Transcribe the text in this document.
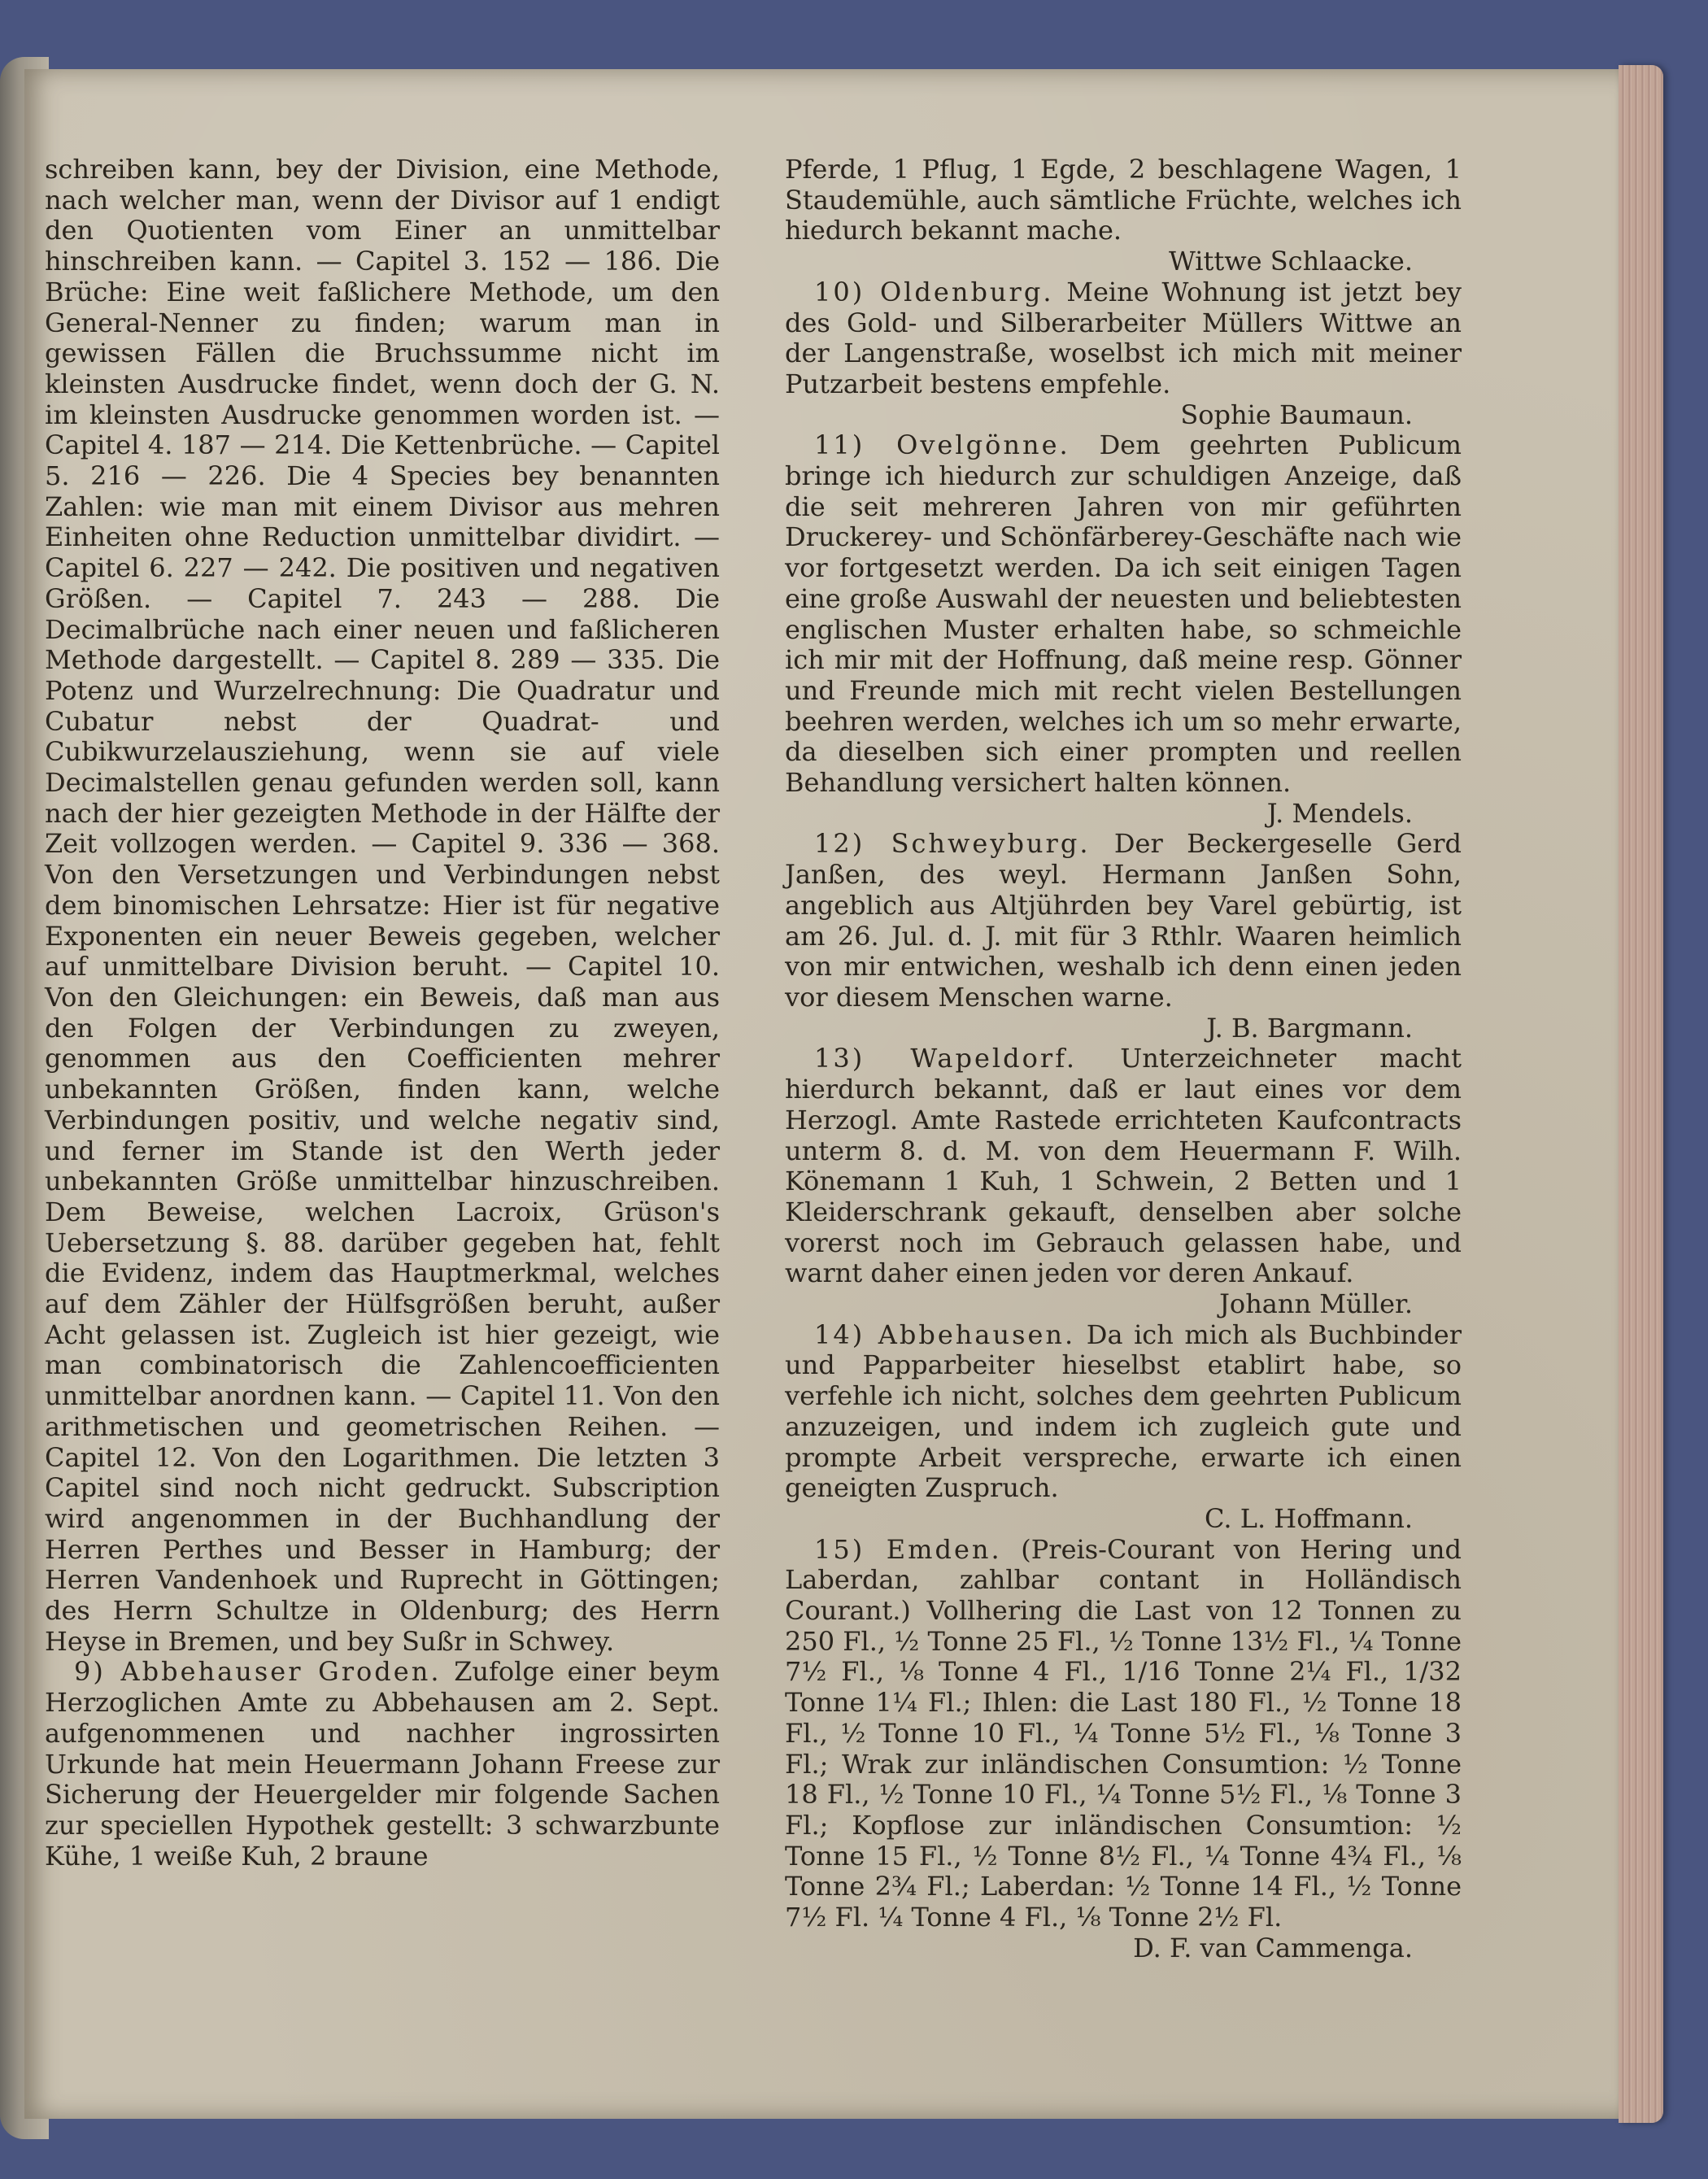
schreiben kann, bey der Division, eine Methode, nach welcher man, wenn der Divisor auf 1 endigt den Quotienten vom Einer an unmittelbar hinschreiben kann. — Capitel 3. 152 — 186. Die Brüche: Eine weit faßlichere Methode, um den General-Nenner zu finden; warum man in gewissen Fällen die Bruchssumme nicht im kleinsten Ausdrucke findet, wenn doch der G. N. im kleinsten Ausdrucke genommen worden ist. — Capitel 4. 187 — 214. Die Kettenbrüche. — Capitel 5. 216 — 226. Die 4 Species bey benannten Zahlen: wie man mit einem Divisor aus mehren Einheiten ohne Reduction unmittelbar dividirt. — Capitel 6. 227 — 242. Die positiven und negativen Größen. — Capitel 7. 243 — 288. Die Decimalbrüche nach einer neuen und faßlicheren Methode dargestellt. — Capitel 8. 289 — 335. Die Potenz und Wurzelrechnung: Die Quadratur und Cubatur nebst der Quadrat- und Cubikwurzelausziehung, wenn sie auf viele Decimalstellen genau gefunden werden soll, kann nach der hier gezeigten Methode in der Hälfte der Zeit vollzogen werden. — Capitel 9. 336 — 368. Von den Versetzungen und Verbindungen nebst dem binomischen Lehrsatze: Hier ist für negative Exponenten ein neuer Beweis gegeben, welcher auf unmittelbare Division beruht. — Capitel 10. Von den Gleichungen: ein Beweis, daß man aus den Folgen der Verbindungen zu zweyen, genommen aus den Coefficienten mehrer unbekannten Größen, finden kann, welche Verbindungen positiv, und welche negativ sind, und ferner im Stande ist den Werth jeder unbekannten Größe unmittelbar hinzuschreiben. Dem Beweise, welchen Lacroix, Grüson's Uebersetzung §. 88. darüber gegeben hat, fehlt die Evidenz, indem das Hauptmerkmal, welches auf dem Zähler der Hülfsgrößen beruht, außer Acht gelassen ist. Zugleich ist hier gezeigt, wie man combinatorisch die Zahlencoefficienten unmittelbar anordnen kann. — Capitel 11. Von den arithmetischen und geometrischen Reihen. — Capitel 12. Von den Logarithmen. Die letzten 3 Capitel sind noch nicht gedruckt. Subscription wird angenommen in der Buchhandlung der Herren Perthes und Besser in Hamburg; der Herren Vandenhoek und Ruprecht in Göttingen; des Herrn Schultze in Oldenburg; des Herrn Heyse in Bremen, und bey Sußr in Schwey.

9) Abbehauser Groden. Zufolge einer beym Herzoglichen Amte zu Abbehausen am 2. Sept. aufgenommenen und nachher ingrossirten Urkunde hat mein Heuermann Johann Freese zur Sicherung der Heuergelder mir folgende Sachen zur speciellen Hypothek gestellt: 3 schwarzbunte Kühe, 1 weiße Kuh, 2 braune

Pferde, 1 Pflug, 1 Egde, 2 beschlagene Wagen, 1 Staudemühle, auch sämtliche Früchte, welches ich hiedurch bekannt mache.

Wittwe Schlaacke.

10) Oldenburg. Meine Wohnung ist jetzt bey des Gold- und Silberarbeiter Müllers Wittwe an der Langenstraße, woselbst ich mich mit meiner Putzarbeit bestens empfehle.

Sophie Baumaun.

11) Ovelgönne. Dem geehrten Publicum bringe ich hiedurch zur schuldigen Anzeige, daß die seit mehreren Jahren von mir geführten Druckerey- und Schönfärberey-Geschäfte nach wie vor fortgesetzt werden. Da ich seit einigen Tagen eine große Auswahl der neuesten und beliebtesten englischen Muster erhalten habe, so schmeichle ich mir mit der Hoffnung, daß meine resp. Gönner und Freunde mich mit recht vielen Bestellungen beehren werden, welches ich um so mehr erwarte, da dieselben sich einer prompten und reellen Behandlung versichert halten können.

J. Mendels.

12) Schweyburg. Der Beckergeselle Gerd Janßen, des weyl. Hermann Janßen Sohn, angeblich aus Altjührden bey Varel gebürtig, ist am 26. Jul. d. J. mit für 3 Rthlr. Waaren heimlich von mir entwichen, weshalb ich denn einen jeden vor diesem Menschen warne.

J. B. Bargmann.

13) Wapeldorf. Unterzeichneter macht hierdurch bekannt, daß er laut eines vor dem Herzogl. Amte Rastede errichteten Kaufcontracts unterm 8. d. M. von dem Heuermann F. Wilh. Könemann 1 Kuh, 1 Schwein, 2 Betten und 1 Kleiderschrank gekauft, denselben aber solche vorerst noch im Gebrauch gelassen habe, und warnt daher einen jeden vor deren Ankauf.

Johann Müller.

14) Abbehausen. Da ich mich als Buchbinder und Papparbeiter hieselbst etablirt habe, so verfehle ich nicht, solches dem geehrten Publicum anzuzeigen, und indem ich zugleich gute und prompte Arbeit verspreche, erwarte ich einen geneigten Zuspruch.

C. L. Hoffmann.

15) Emden. (Preis-Courant von Hering und Laberdan, zahlbar contant in Holländisch Courant.) Vollhering die Last von 12 Tonnen zu 250 Fl., ½ Tonne 25 Fl., ½ Tonne 13½ Fl., ¼ Tonne 7½ Fl., ⅛ Tonne 4 Fl., 1/16 Tonne 2¼ Fl., 1/32 Tonne 1¼ Fl.; Ihlen: die Last 180 Fl., ½ Tonne 18 Fl., ½ Tonne 10 Fl., ¼ Tonne 5½ Fl., ⅛ Tonne 3 Fl.; Wrak zur inländischen Consumtion: ½ Tonne 18 Fl., ½ Tonne 10 Fl., ¼ Tonne 5½ Fl., ⅛ Tonne 3 Fl.; Kopflose zur inländischen Consumtion: ½ Tonne 15 Fl., ½ Tonne 8½ Fl., ¼ Tonne 4¾ Fl., ⅛ Tonne 2¾ Fl.; Laberdan: ½ Tonne 14 Fl., ½ Tonne 7½ Fl. ¼ Tonne 4 Fl., ⅛ Tonne 2½ Fl.

D. F. van Cammenga.
